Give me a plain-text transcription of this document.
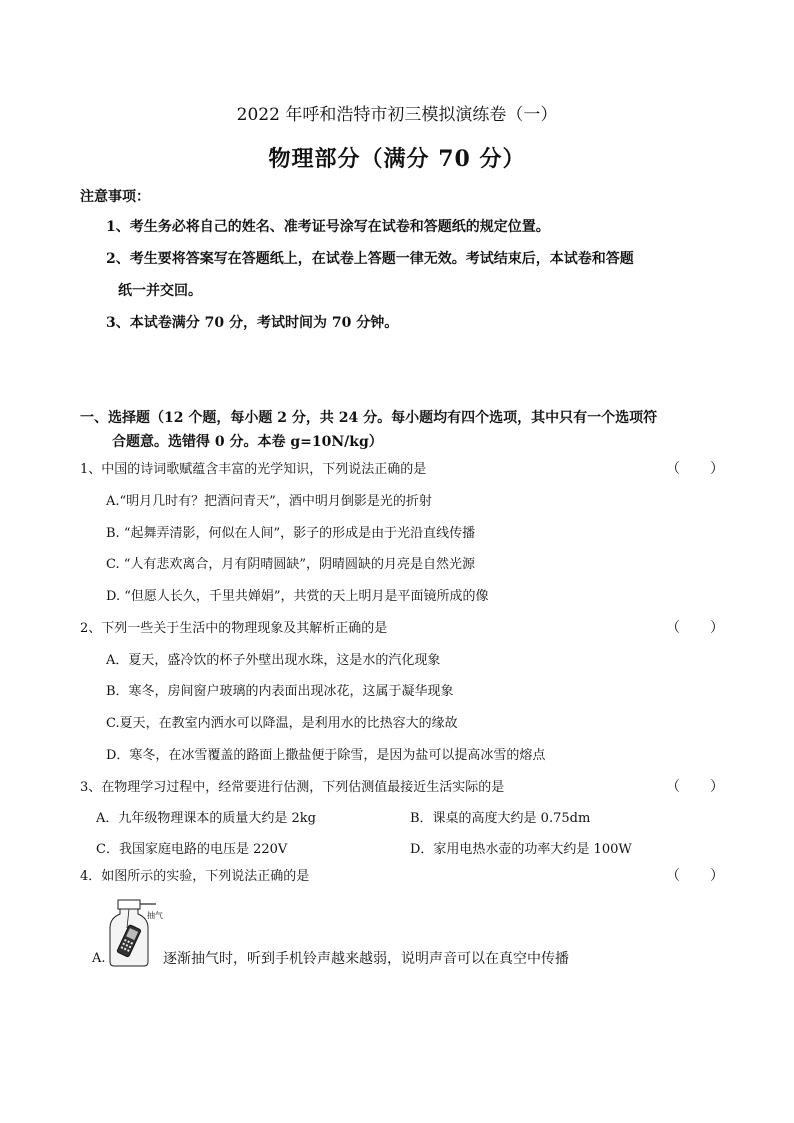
2022 年呼和浩特市初三模拟演练卷（一）
物理部分（满分 70 分）
注意事项：
1、考生务必将自己的姓名、准考证号涂写在试卷和答题纸的规定位置。
2、考生要将答案写在答题纸上，在试卷上答题一律无效。考试结束后，本试卷和答题
纸一并交回。
3、本试卷满分 70 分，考试时间为 70 分钟。
一、选择题（12 个题，每小题 2 分，共 24 分。每小题均有四个选项，其中只有一个选项符
合题意。选错得 0 分。本卷 g=10N/kg）
1、中国的诗词歌赋蕴含丰富的光学知识，下列说法正确的是	（ ）
A.“明月几时有？把酒问青天”，酒中明月倒影是光的折射
B. “起舞弄清影，何似在人间”，影子的形成是由于光沿直线传播
C. “人有悲欢离合，月有阴晴圆缺”，阴晴圆缺的月亮是自然光源
D. “但愿人长久，千里共婵娟”，共赏的天上明月是平面镜所成的像
2、下列一些关于生活中的物理现象及其解析正确的是	（ ）
A．夏天，盛冷饮的杯子外壁出现水珠，这是水的汽化现象
B．寒冬，房间窗户玻璃的内表面出现冰花，这属于凝华现象
C.夏天，在教室内洒水可以降温，是利用水的比热容大的缘故
D．寒冬，在冰雪覆盖的路面上撒盐便于除雪，是因为盐可以提高冰雪的熔点
3、在物理学习过程中，经常要进行估测，下列估测值最接近生活实际的是	（ ）
A．九年级物理课本的质量大约是 2kg	B．课桌的高度大约是 0.75dm
C．我国家庭电路的电压是 220V	D．家用电热水壶的功率大约是 100W
4．如图所示的实验，下列说法正确的是	（ ）
抽气
A.	逐渐抽气时，听到手机铃声越来越弱，说明声音可以在真空中传播
